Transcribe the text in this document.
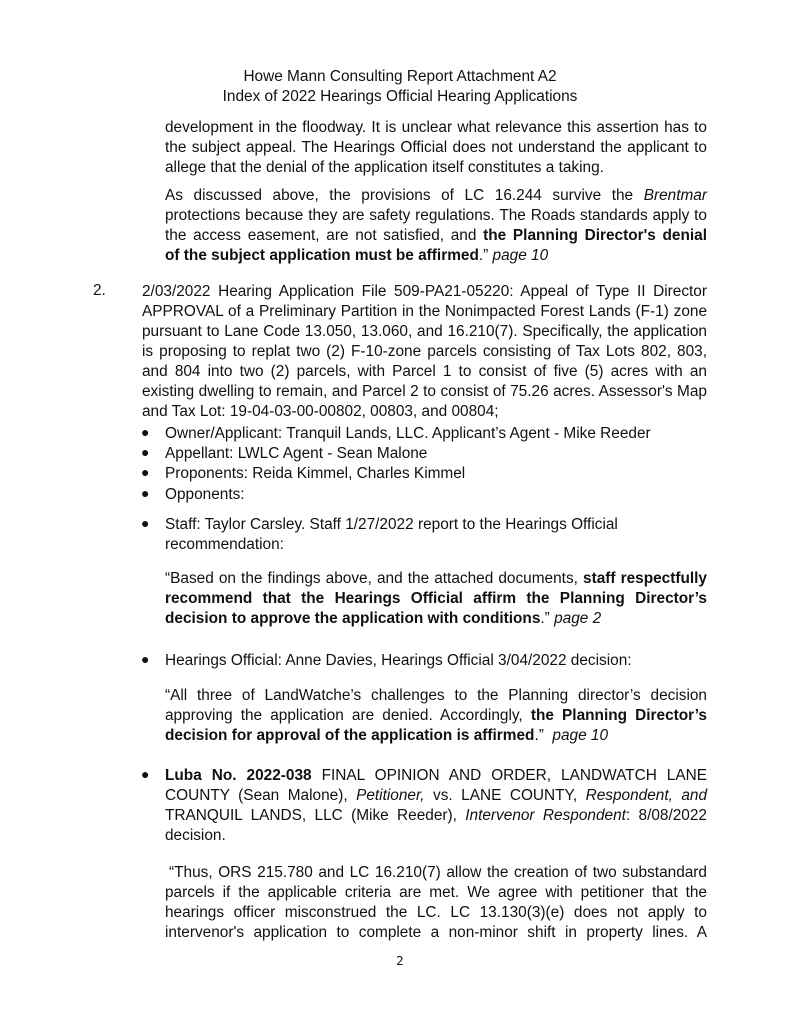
Howe Mann Consulting Report Attachment A2
Index of 2022 Hearings Official Hearing Applications
development in the floodway. It is unclear what relevance this assertion has to
the subject appeal. The Hearings Official does not understand the applicant to
allege that the denial of the application itself constitutes a taking.
As discussed above, the provisions of LC 16.244 survive the Brentmar
protections because they are safety regulations. The Roads standards apply to
the access easement, are not satisfied, and the Planning Director's denial
of the subject application must be affirmed.” page 10
2. 2/03/2022 Hearing Application File 509-PA21-05220: Appeal of Type II Director
APPROVAL of a Preliminary Partition in the Nonimpacted Forest Lands (F-1) zone
pursuant to Lane Code 13.050, 13.060, and 16.210(7). Specifically, the application
is proposing to replat two (2) F-10-zone parcels consisting of Tax Lots 802, 803,
and 804 into two (2) parcels, with Parcel 1 to consist of five (5) acres with an
existing dwelling to remain, and Parcel 2 to consist of 75.26 acres. Assessor's Map
and Tax Lot: 19-04-03-00-00802, 00803, and 00804;
● Owner/Applicant: Tranquil Lands, LLC. Applicant’s Agent - Mike Reeder
● Appellant: LWLC Agent - Sean Malone
● Proponents: Reida Kimmel, Charles Kimmel
● Opponents:
● Staff: Taylor Carsley. Staff 1/27/2022 report to the Hearings Official
recommendation:
“Based on the findings above, and the attached documents, staff respectfully
recommend that the Hearings Official affirm the Planning Director’s
decision to approve the application with conditions.” page 2
● Hearings Official: Anne Davies, Hearings Official 3/04/2022 decision:
“All three of LandWatche’s challenges to the Planning director’s decision
approving the application are denied. Accordingly, the Planning Director’s
decision for approval of the application is affirmed.” page 10
● Luba No. 2022-038 FINAL OPINION AND ORDER, LANDWATCH LANE
COUNTY (Sean Malone), Petitioner, vs. LANE COUNTY, Respondent, and
TRANQUIL LANDS, LLC (Mike Reeder), Intervenor Respondent: 8/08/2022
decision.
“Thus, ORS 215.780 and LC 16.210(7) allow the creation of two substandard
parcels if the applicable criteria are met. We agree with petitioner that the
hearings officer misconstrued the LC. LC 13.130(3)(e) does not apply to
intervenor's application to complete a non-minor shift in property lines. A
2
